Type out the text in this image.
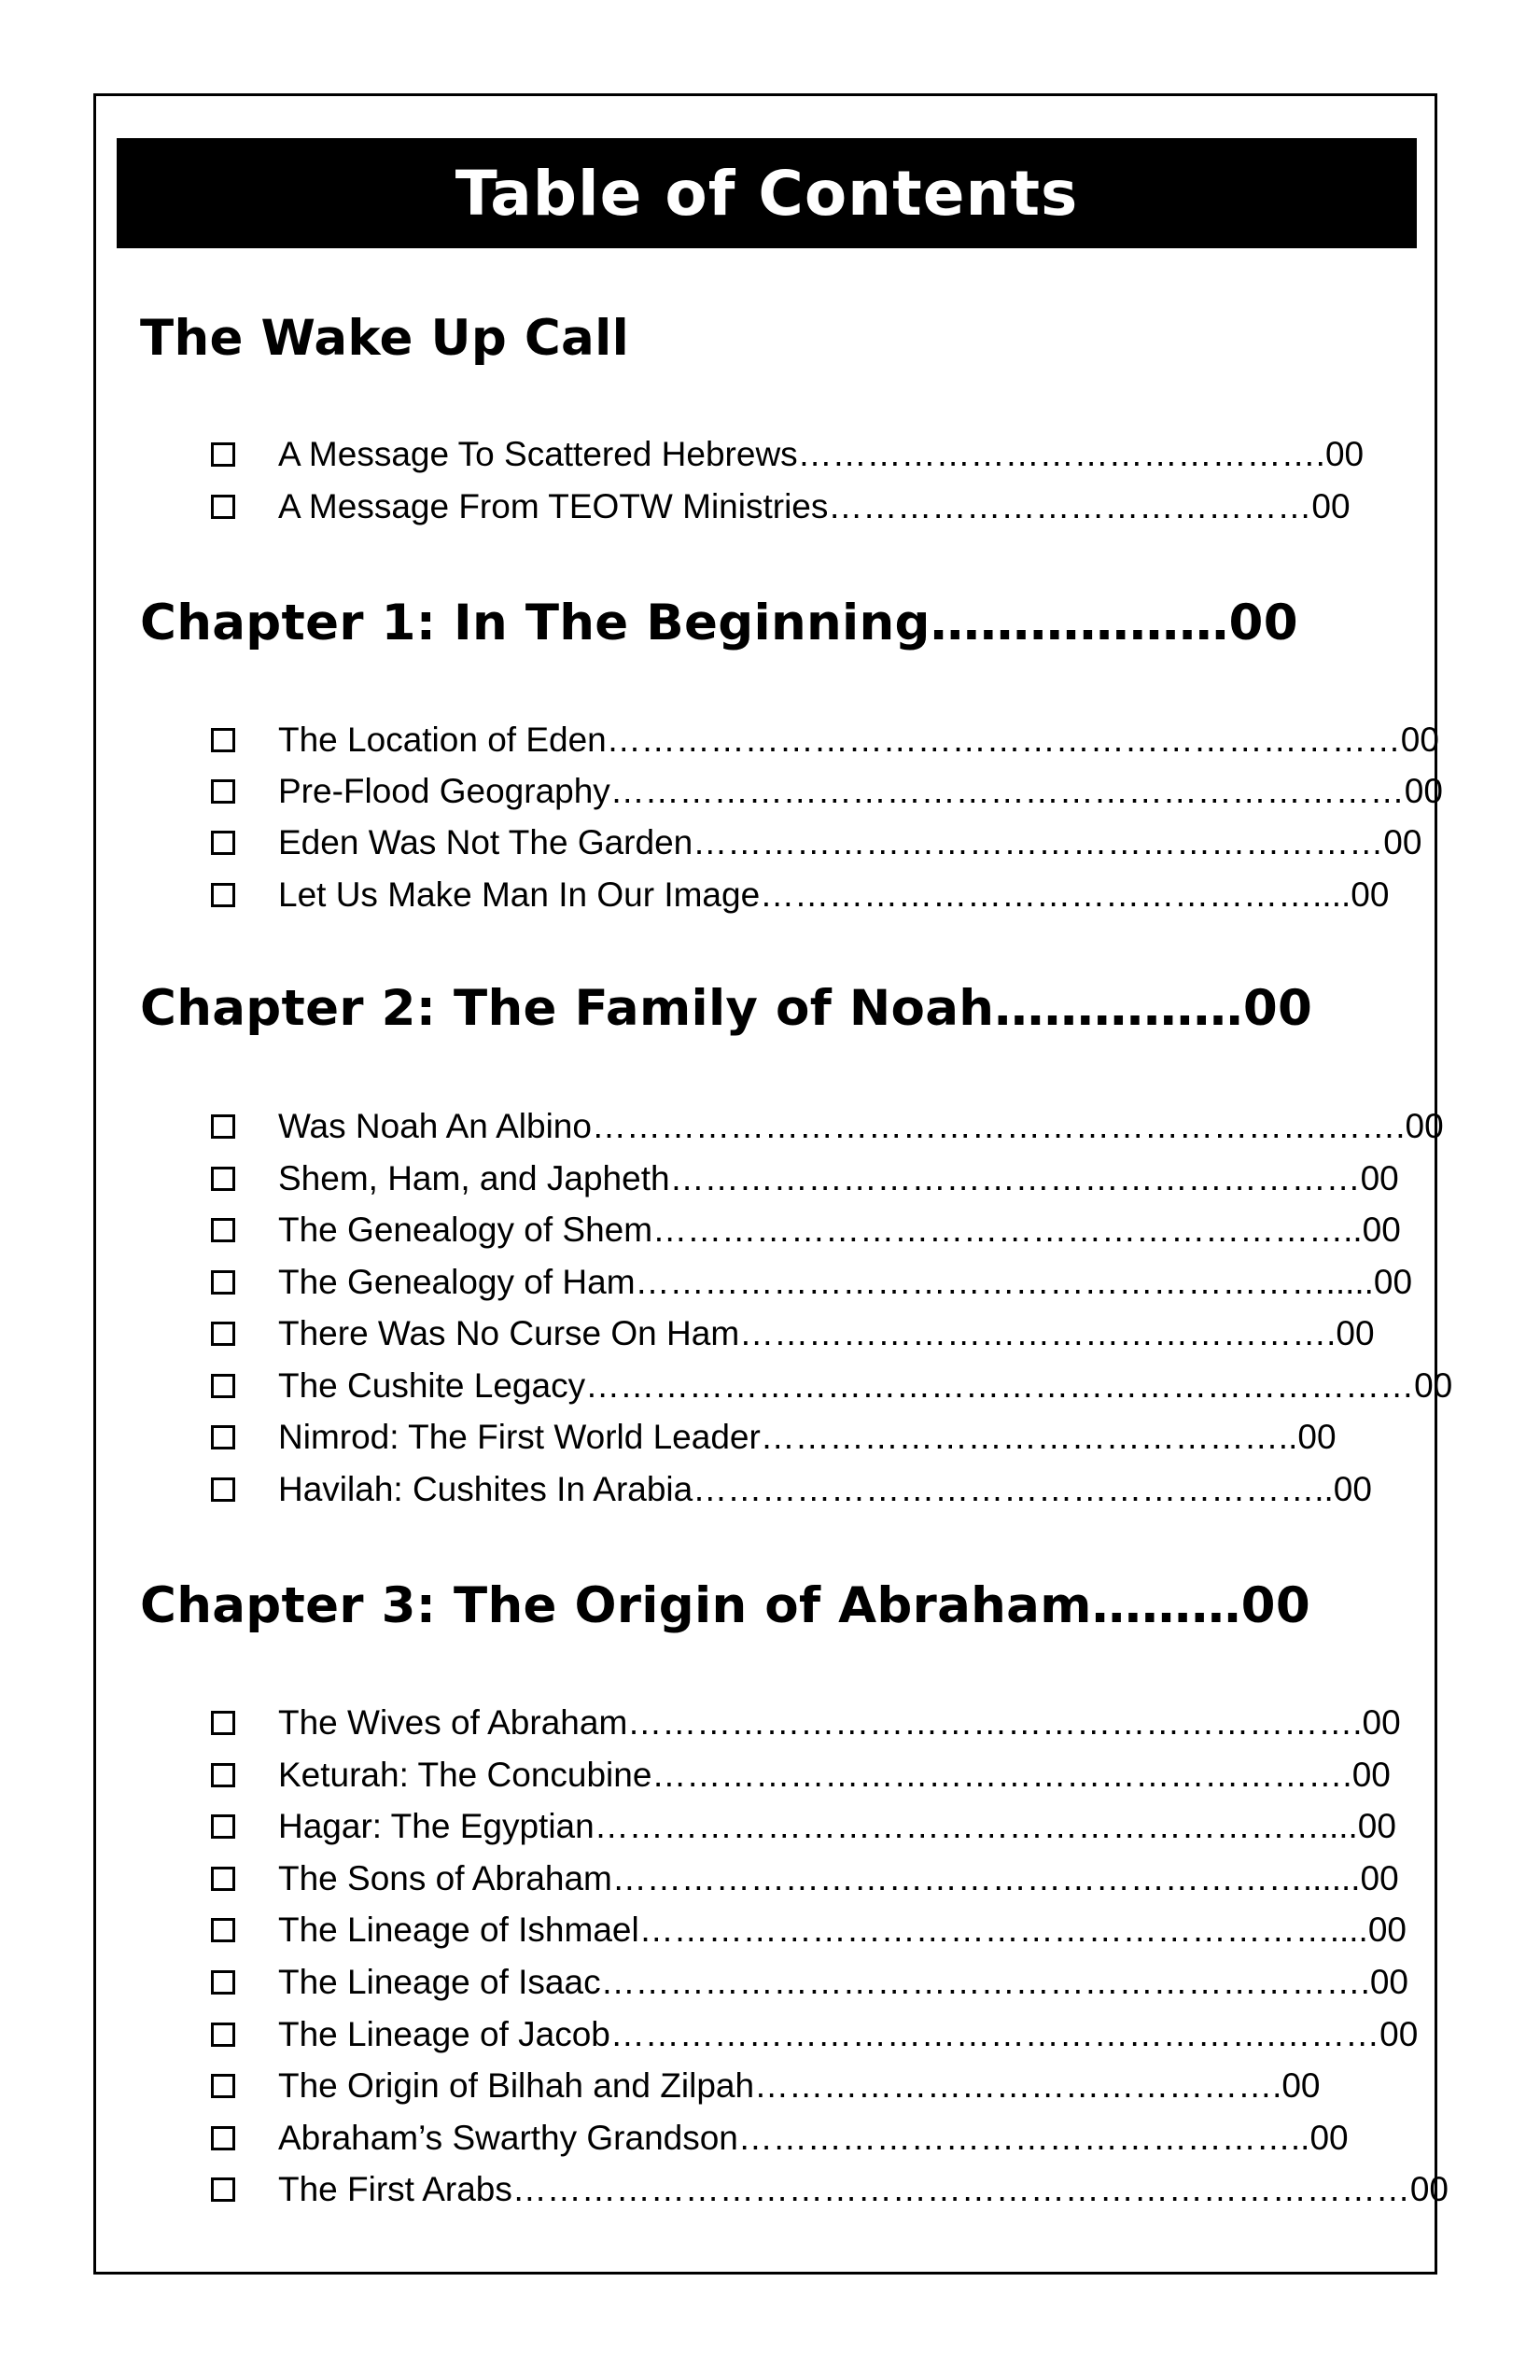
Table of Contents
The Wake Up Call
A Message To Scattered Hebrews……………………………………….00
A Message From TEOTW Ministries……………………………………00
Chapter 1: In The Beginning………………00
The Location of Eden……………………………………………………………00
Pre-Flood Geography……………………………………………………………00
Eden Was Not The Garden……………………………………………………00
Let Us Make Man In Our Image…………………………………………....00
Chapter 2: The Family of Noah……………00
Was Noah An Albino……………………………………………………….…….00
Shem, Ham, and Japheth……………………………………………………00
The Genealogy of Shem……………………………………………………..00
The Genealogy of Ham…………………………………………………….....00
There Was No Curse On Ham…………………………………………….00
The Cushite Legacy………………………………………………………………00
Nimrod: The First World Leader………………………………………..00
Havilah: Cushites In Arabia………………………………………………..00
Chapter 3: The Origin of Abraham………00
The Wives of Abraham……………………………………………………….00
Keturah: The Concubine…………………………………………………….00
Hagar: The Egyptian………………………………………………………....00
The Sons of Abraham……………………………………………………......00
The Lineage of Ishmael……………………………………………………....00
The Lineage of Isaac………………………………………………………….00
The Lineage of Jacob………………………………………………….………00
The Origin of Bilhah and Zilpah……………………………………….00
Abraham’s Swarthy Grandson…………………………………………..00
The First Arabs……………………………………………………………………00
